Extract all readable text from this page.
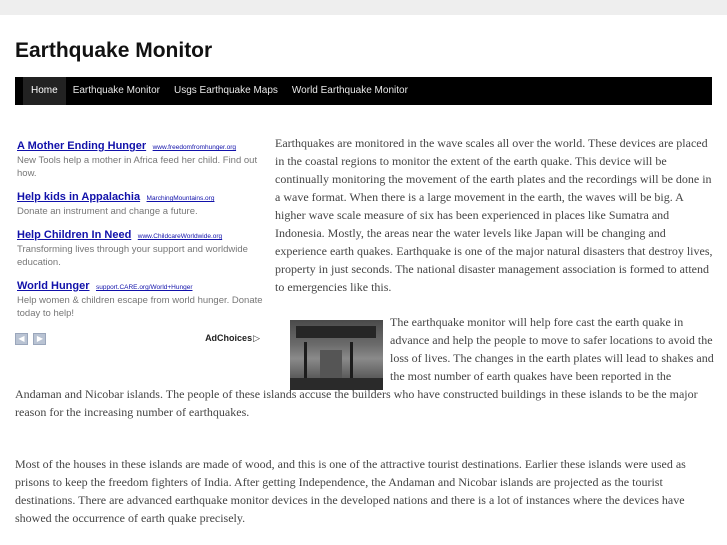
Earthquake Monitor
Home	Earthquake Monitor	Usgs Earthquake Maps	World Earthquake Monitor
A Mother Ending Hunger www.freedomfromhunger.org
New Tools help a mother in Africa feed her child. Find out how.
Help kids in Appalachia MarchingMountains.org
Donate an instrument and change a future.
Help Children In Need www.ChildcareWorldwide.org
Transforming lives through your support and worldwide education.
World Hunger support.CARE.org/World+Hunger
Help women & children escape from world hunger. Donate today to help!
◀ ▶	AdChoices▷

Earthquakes are monitored in the wave scales all over the world. These devices are placed in the coastal regions to monitor the extent of the earth quake. This device will be continually monitoring the movement of the earth plates and the recordings will be done in a wave format. When there is a large movement in the earth, the waves will be big. A higher wave scale measure of six has been experienced in places like Sumatra and Indonesia. Mostly, the areas near the water levels like Japan will be changing and experience earth quakes. Earthquake is one of the major natural disasters that destroy lives, property in just seconds. The national disaster management association is formed to attend to emergencies like this.

The earthquake monitor will help fore cast the earth quake in advance and help the people to move to safer locations to avoid the loss of lives. The changes in the earth plates will lead to shakes and the most number of earth quakes have been reported in the Andaman and Nicobar islands. The people of these islands accuse the builders who have constructed buildings in these islands to be the major reason for the increasing number of earthquakes.

Most of the houses in these islands are made of wood, and this is one of the attractive tourist destinations. Earlier these islands were used as prisons to keep the freedom fighters of India. After getting Independence, the Andaman and Nicobar islands are projected as the tourist destinations. There are advanced earthquake monitor devices in the developed nations and there is a lot of instances where the devices have showed the occurrence of earth quake precisely.
